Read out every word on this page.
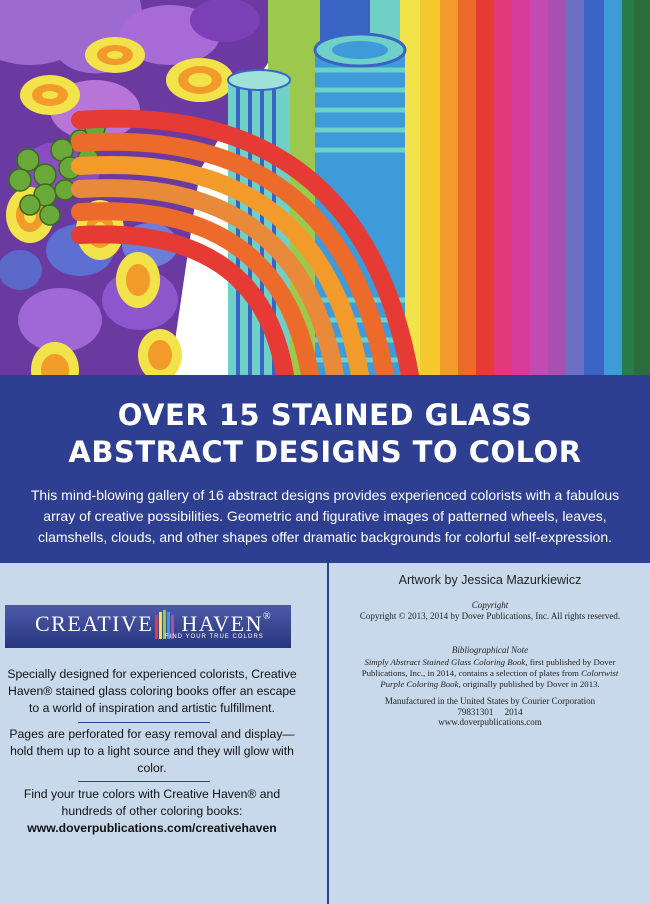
OVER 15 STAINED GLASS
ABSTRACT DESIGNS TO COLOR

This mind-blowing gallery of 16 abstract designs provides experienced colorists with a fabulous array of creative possibilities. Geometric and figurative images of patterned wheels, leaves, clamshells, clouds, and other shapes offer dramatic backgrounds for colorful self-expression.

CREATIVE HAVEN®
FIND YOUR TRUE COLORS
Specially designed for experienced colorists, Creative Haven® stained glass coloring books offer an escape to a world of inspiration and artistic fulfillment.
Pages are perforated for easy removal and display—hold them up to a light source and they will glow with color.
Find your true colors with Creative Haven® and hundreds of other coloring books:
www.doverpublications.com/creativehaven
Artwork by Jessica Mazurkiewicz
Copyright
Copyright © 2013, 2014 by Dover Publications, Inc. All rights reserved.
Bibliographical Note
Simply Abstract Stained Glass Coloring Book, first published by Dover Publications, Inc., in 2014, contains a selection of plates from Colortwist Purple Coloring Book, originally published by Dover in 2013.
Manufactured in the United States by Courier Corporation
79831301     2014
www.doverpublications.com
